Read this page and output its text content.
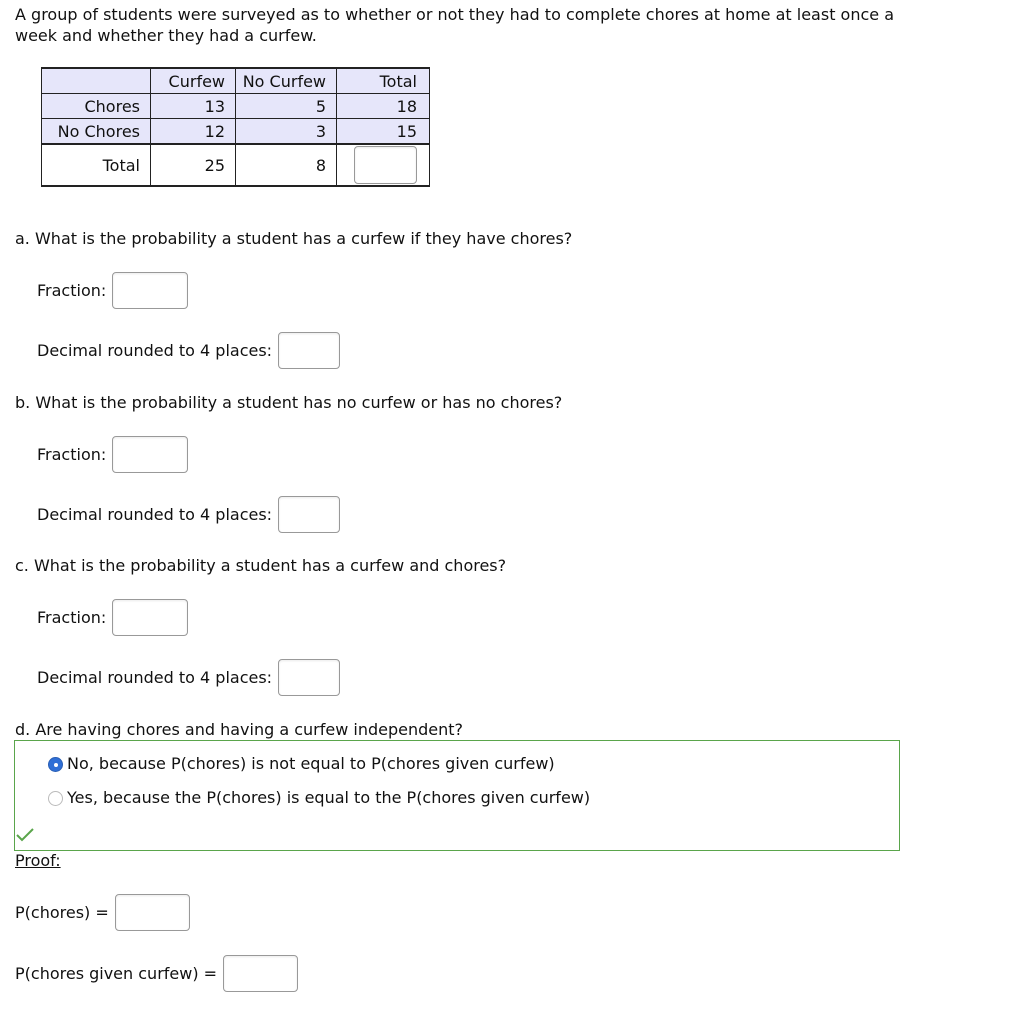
A group of students were surveyed as to whether or not they had to complete chores at home at least once a week and whether they had a curfew.
	Curfew	No Curfew	Total
Chores	13	5	18
No Chores	12	3	15
Total	25	8	
a. What is the probability a student has a curfew if they have chores?
Fraction:
Decimal rounded to 4 places:
b. What is the probability a student has no curfew or has no chores?
Fraction:
Decimal rounded to 4 places:
c. What is the probability a student has a curfew and chores?
Fraction:
Decimal rounded to 4 places:
d. Are having chores and having a curfew independent?
No, because P(chores) is not equal to P(chores given curfew)
Yes, because the P(chores) is equal to the P(chores given curfew)
Proof:
P(chores) =
P(chores given curfew) =
